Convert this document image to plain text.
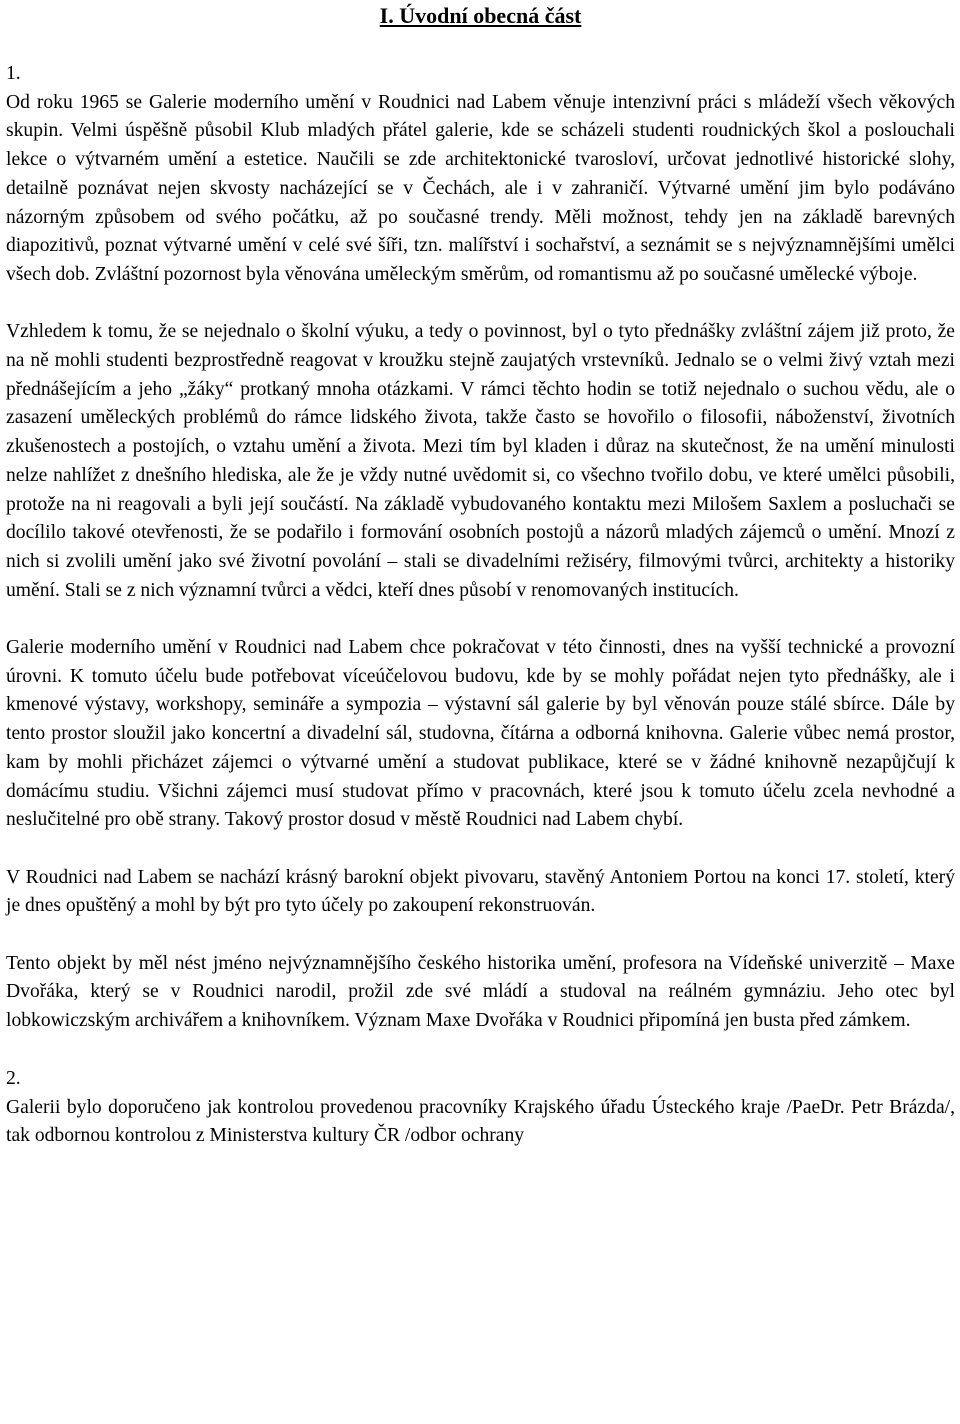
I. Úvodní obecná část

1.

Od roku 1965 se Galerie moderního umění v Roudnici nad Labem věnuje intenzivní práci s mládeží všech věkových skupin. Velmi úspěšně působil Klub mladých přátel galerie, kde se scházeli studenti roudnických škol a poslouchali lekce o výtvarném umění a estetice. Naučili se zde architektonické tvarosloví, určovat jednotlivé historické slohy, detailně poznávat nejen skvosty nacházející se v Čechách, ale i v zahraničí. Výtvarné umění jim bylo podáváno názorným způsobem od svého počátku, až po současné trendy. Měli možnost, tehdy jen na základě barevných diapozitivů, poznat výtvarné umění v celé své šíři, tzn. malířství i sochařství, a seznámit se s nejvýznamnějšími umělci všech dob. Zvláštní pozornost byla věnována uměleckým směrům, od romantismu až po současné umělecké výboje.

Vzhledem k tomu, že se nejednalo o školní výuku, a tedy o povinnost, byl o tyto přednášky zvláštní zájem již proto, že na ně mohli studenti bezprostředně reagovat v kroužku stejně zaujatých vrstevníků. Jednalo se o velmi živý vztah mezi přednášejícím a jeho „žáky“ protkaný mnoha otázkami. V rámci těchto hodin se totiž nejednalo o suchou vědu, ale o zasazení uměleckých problémů do rámce lidského života, takže často se hovořilo o filosofii, náboženství, životních zkušenostech a postojích, o vztahu umění a života. Mezi tím byl kladen i důraz na skutečnost, že na umění minulosti nelze nahlížet z dnešního hlediska, ale že je vždy nutné uvědomit si, co všechno tvořilo dobu, ve které umělci působili, protože na ni reagovali a byli její součástí. Na základě vybudovaného kontaktu mezi Milošem Saxlem a posluchači se docílilo takové otevřenosti, že se podařilo i formování osobních postojů a názorů mladých zájemců o umění. Mnozí z nich si zvolili umění jako své životní povolání – stali se divadelními režiséry, filmovými tvůrci, architekty a historiky umění. Stali se z nich významní tvůrci a vědci, kteří dnes působí v renomovaných institucích.

Galerie moderního umění v Roudnici nad Labem chce pokračovat v této činnosti, dnes na vyšší technické a provozní úrovni. K tomuto účelu bude potřebovat víceúčelovou budovu, kde by se mohly pořádat nejen tyto přednášky, ale i kmenové výstavy, workshopy, semináře a sympozia – výstavní sál galerie by byl věnován pouze stálé sbírce. Dále by tento prostor sloužil jako koncertní a divadelní sál, studovna, čítárna a odborná knihovna. Galerie vůbec nemá prostor, kam by mohli přicházet zájemci o výtvarné umění a studovat publikace, které se v žádné knihovně nezapůjčují k domácímu studiu. Všichni zájemci musí studovat přímo v pracovnách, které jsou k tomuto účelu zcela nevhodné a neslučitelné pro obě strany. Takový prostor dosud v městě Roudnici nad Labem chybí.

V Roudnici nad Labem se nachází krásný barokní objekt pivovaru, stavěný Antoniem Portou na konci 17. století, který je dnes opuštěný a mohl by být pro tyto účely po zakoupení rekonstruován.

Tento objekt by měl nést jméno nejvýznamnějšího českého historika umění, profesora na Vídeňské univerzitě – Maxe Dvořáka, který se v Roudnici narodil, prožil zde své mládí a studoval na reálném gymnáziu. Jeho otec byl lobkowiczským archivářem a knihovníkem. Význam Maxe Dvořáka v Roudnici připomíná jen busta před zámkem.

2.

Galerii bylo doporučeno jak kontrolou provedenou pracovníky Krajského úřadu Ústeckého kraje /PaeDr. Petr Brázda/, tak odbornou kontrolou z Ministerstva kultury ČR /odbor ochrany
